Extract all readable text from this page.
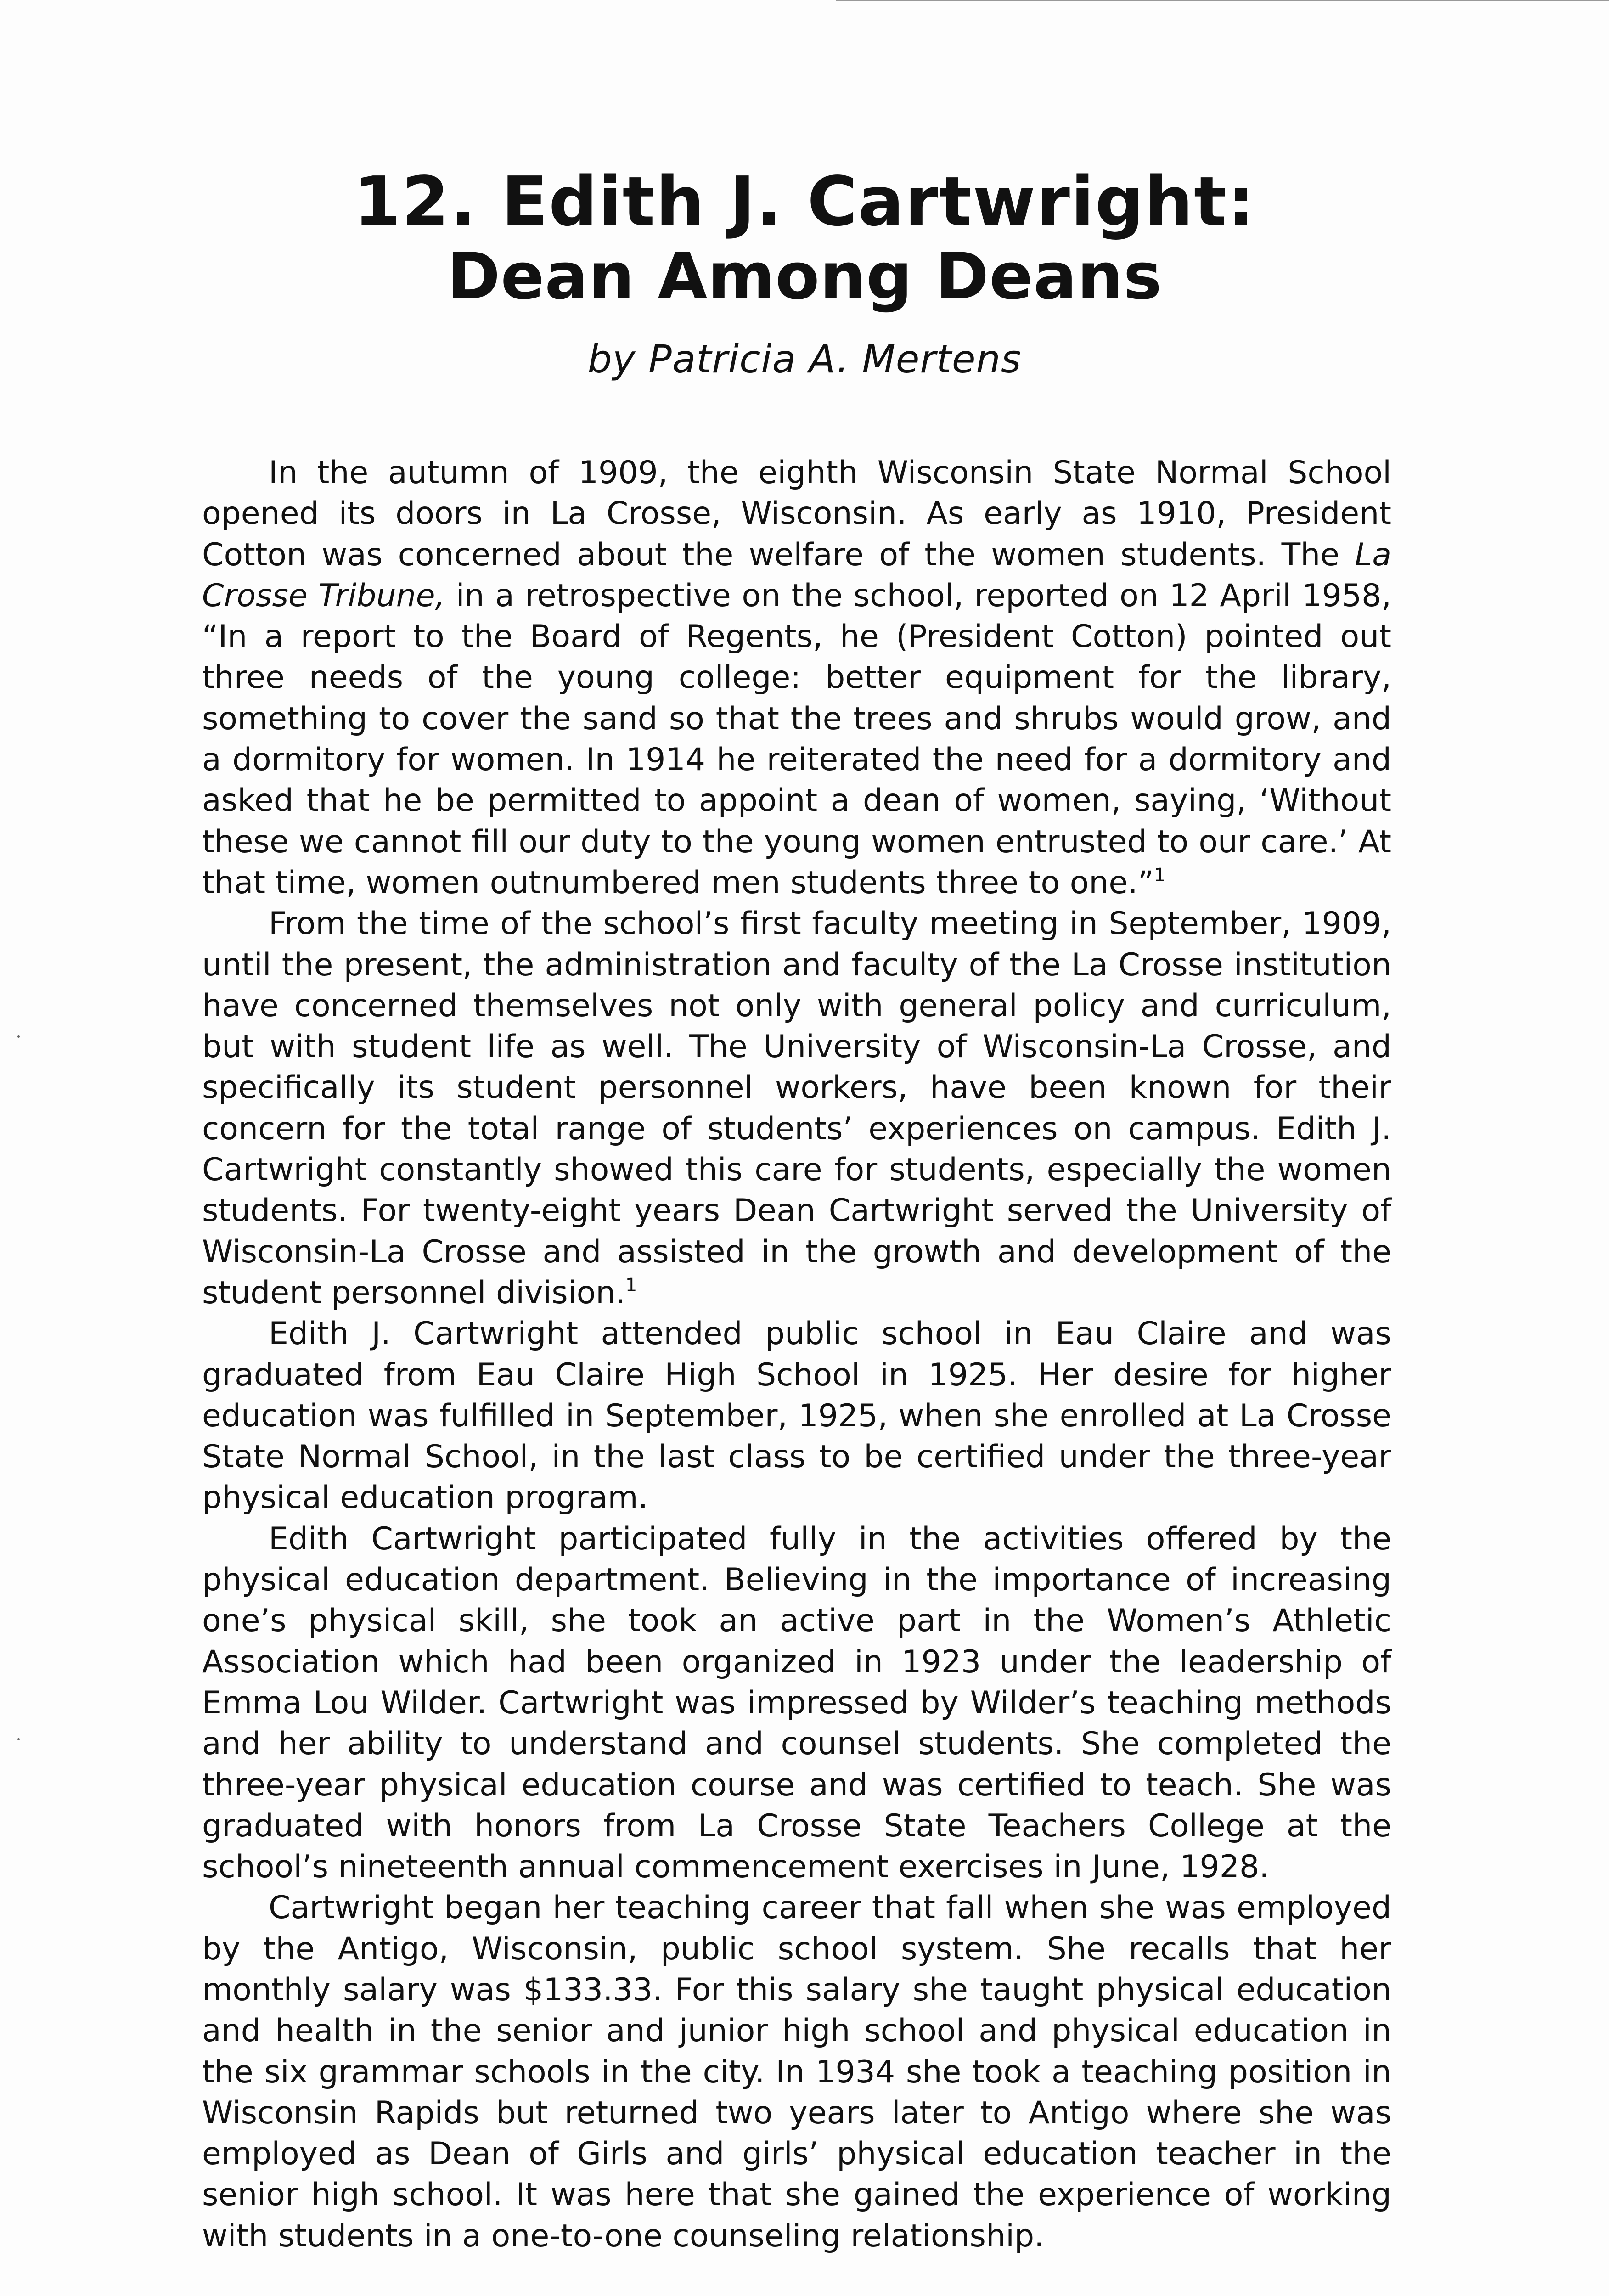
12. Edith J. Cartwright:
Dean Among Deans
by Patricia A. Mertens

In the autumn of 1909, the eighth Wisconsin State Normal School opened its doors in La Crosse, Wisconsin. As early as 1910, President Cotton was concerned about the welfare of the women students. The La Crosse Tribune, in a retrospective on the school, reported on 12 April 1958, “In a report to the Board of Regents, he (President Cotton) pointed out three needs of the young college: better equipment for the library, something to cover the sand so that the trees and shrubs would grow, and a dormitory for women. In 1914 he reiterated the need for a dormitory and asked that he be permitted to appoint a dean of women, saying, ‘Without these we cannot fill our duty to the young women entrusted to our care.’ At that time, women outnumbered men students three to one.”$^1$

From the time of the school’s first faculty meeting in September, 1909, until the present, the administration and faculty of the La Crosse institution have concerned themselves not only with general policy and curriculum, but with student life as well. The University of Wisconsin-La Crosse, and specifically its student personnel workers, have been known for their concern for the total range of students’ experiences on campus. Edith J. Cartwright constantly showed this care for students, especially the women students. For twenty-eight years Dean Cartwright served the University of Wisconsin-La Crosse and assisted in the growth and development of the student personnel division.$^1$

Edith J. Cartwright attended public school in Eau Claire and was graduated from Eau Claire High School in 1925. Her desire for higher education was fulfilled in September, 1925, when she enrolled at La Crosse State Normal School, in the last class to be certified under the three-year physical education program.

Edith Cartwright participated fully in the activities offered by the physical education department. Believing in the importance of increasing one’s physical skill, she took an active part in the Women’s Athletic Association which had been organized in 1923 under the leadership of Emma Lou Wilder. Cartwright was impressed by Wilder’s teaching methods and her ability to understand and counsel students. She completed the three-year physical education course and was certified to teach. She was graduated with honors from La Crosse State Teachers College at the school’s nineteenth annual commencement exercises in June, 1928.

Cartwright began her teaching career that fall when she was employed by the Antigo, Wisconsin, public school system. She recalls that her monthly salary was $133.33. For this salary she taught physical education and health in the senior and junior high school and physical education in the six grammar schools in the city. In 1934 she took a teaching position in Wisconsin Rapids but returned two years later to Antigo where she was employed as Dean of Girls and girls’ physical education teacher in the senior high school. It was here that she gained the experience of working with students in a one-to-one counseling relationship.
